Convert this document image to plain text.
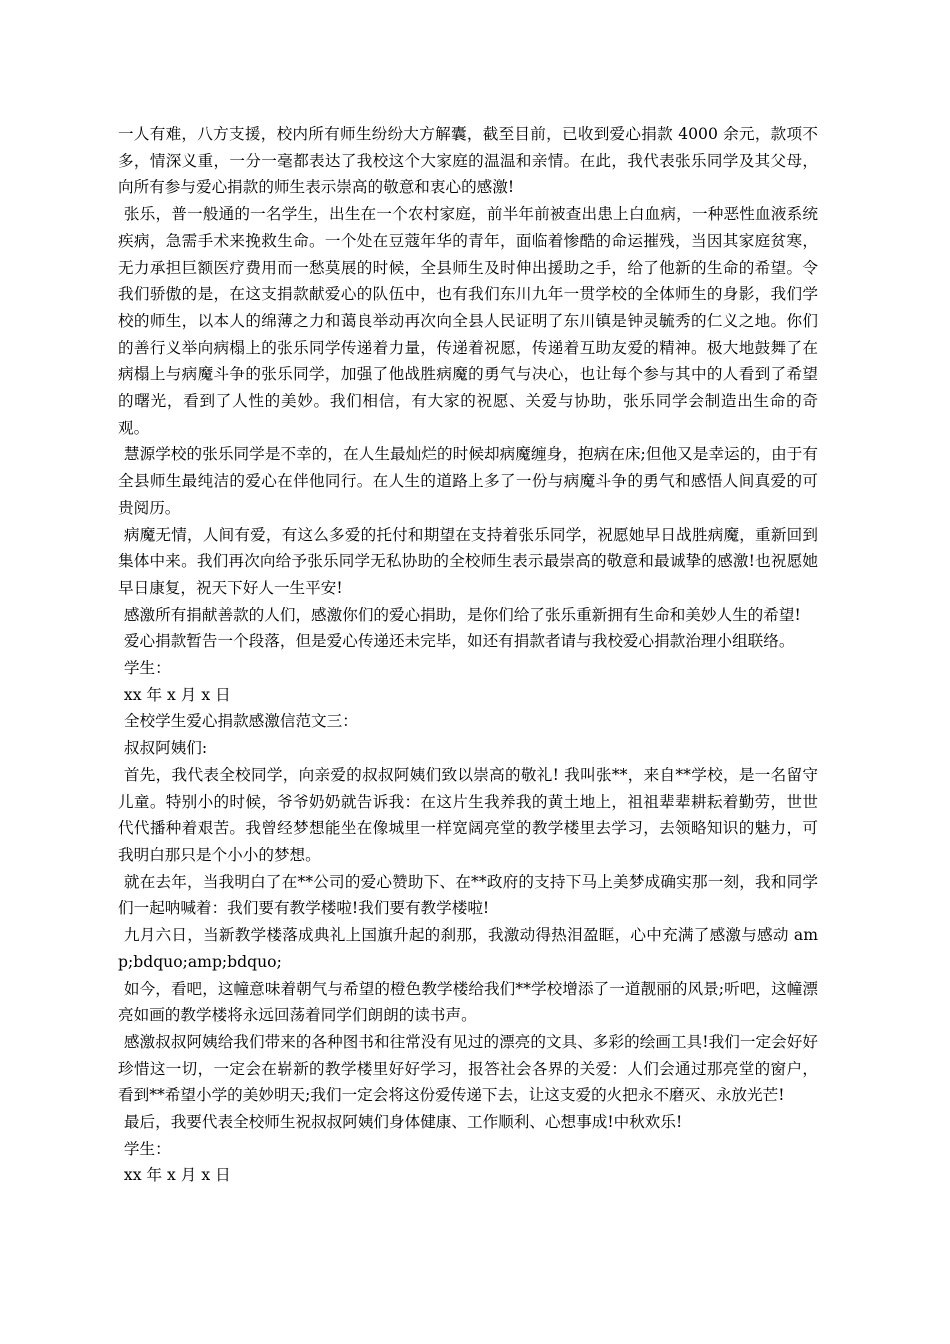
一人有难，八方支援，校内所有师生纷纷大方解囊，截至目前，已收到爱心捐款 4000 余元，款项不多，情深义重，一分一毫都表达了我校这个大家庭的温温和亲情。在此，我代表张乐同学及其父母，向所有参与爱心捐款的师生表示崇高的敬意和衷心的感激!

张乐，普一般通的一名学生，出生在一个农村家庭，前半年前被查出患上白血病，一种恶性血液系统疾病，急需手术来挽救生命。一个处在豆蔻年华的青年，面临着惨酷的命运摧残，当因其家庭贫寒，无力承担巨额医疗费用而一愁莫展的时候，全县师生及时伸出援助之手，给了他新的生命的希望。令我们骄傲的是，在这支捐款献爱心的队伍中，也有我们东川九年一贯学校的全体师生的身影，我们学校的师生，以本人的绵薄之力和蔼良举动再次向全县人民证明了东川镇是钟灵毓秀的仁义之地。你们的善行义举向病榻上的张乐同学传递着力量，传递着祝愿，传递着互助友爱的精神。极大地鼓舞了在病榻上与病魔斗争的张乐同学，加强了他战胜病魔的勇气与决心，也让每个参与其中的人看到了希望的曙光，看到了人性的美妙。我们相信，有大家的祝愿、关爱与协助，张乐同学会制造出生命的奇观。

慧源学校的张乐同学是不幸的，在人生最灿烂的时候却病魔缠身，抱病在床;但他又是幸运的，由于有全县师生最纯洁的爱心在伴他同行。在人生的道路上多了一份与病魔斗争的勇气和感悟人间真爱的可贵阅历。

病魔无情，人间有爱，有这么多爱的托付和期望在支持着张乐同学，祝愿她早日战胜病魔，重新回到集体中来。我们再次向给予张乐同学无私协助的全校师生表示最崇高的敬意和最诚挚的感激!也祝愿她早日康复，祝天下好人一生平安!

感激所有捐献善款的人们，感激你们的爱心捐助，是你们给了张乐重新拥有生命和美妙人生的希望!

爱心捐款暂告一个段落，但是爱心传递还未完毕，如还有捐款者请与我校爱心捐款治理小组联络。

学生：

xx 年 x 月 x 日

全校学生爱心捐款感激信范文三：

叔叔阿姨们:

首先，我代表全校同学，向亲爱的叔叔阿姨们致以崇高的敬礼! 我叫张**，来自**学校，是一名留守儿童。特别小的时候，爷爷奶奶就告诉我：在这片生我养我的黄土地上，祖祖辈辈耕耘着勤劳，世世代代播种着艰苦。我曾经梦想能坐在像城里一样宽阔亮堂的教学楼里去学习，去领略知识的魅力，可我明白那只是个小小的梦想。

就在去年，当我明白了在**公司的爱心赞助下、在**政府的支持下马上美梦成确实那一刻，我和同学们一起呐喊着：我们要有教学楼啦!我们要有教学楼啦!

九月六日，当新教学楼落成典礼上国旗升起的刹那，我激动得热泪盈眶，心中充满了感激与感动 amp;bdquo;amp;bdquo;

如今，看吧，这幢意味着朝气与希望的橙色教学楼给我们**学校增添了一道靓丽的风景;听吧，这幢漂亮如画的教学楼将永远回荡着同学们朗朗的读书声。

感激叔叔阿姨给我们带来的各种图书和往常没有见过的漂亮的文具、多彩的绘画工具!我们一定会好好珍惜这一切，一定会在崭新的教学楼里好好学习，报答社会各界的关爱：人们会通过那亮堂的窗户，看到**希望小学的美妙明天;我们一定会将这份爱传递下去，让这支爱的火把永不磨灭、永放光芒!

最后，我要代表全校师生祝叔叔阿姨们身体健康、工作顺利、心想事成!中秋欢乐!

学生：

xx 年 x 月 x 日
